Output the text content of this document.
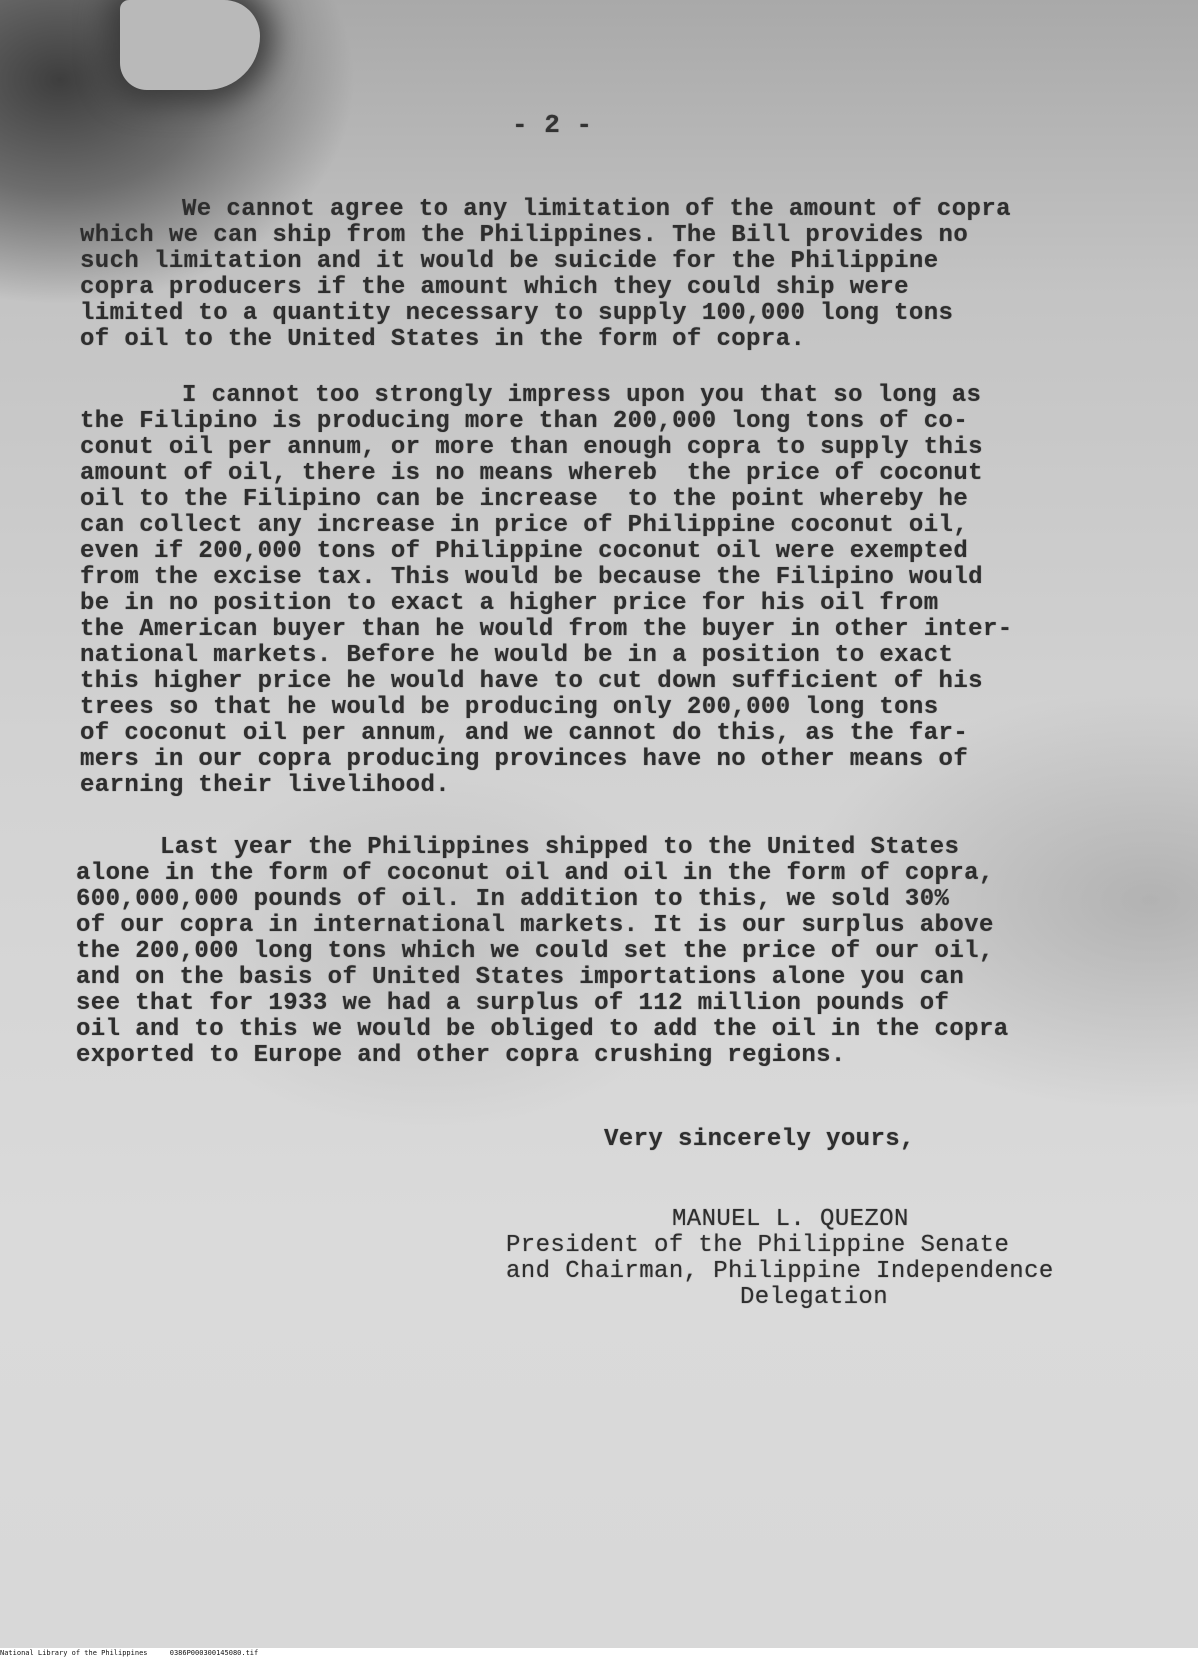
- 2 -
We cannot agree to any limitation of the amount of copra
which we can ship from the Philippines. The Bill provides no
such limitation and it would be suicide for the Philippine
copra producers if the amount which they could ship were
limited to a quantity necessary to supply 100,000 long tons
of oil to the United States in the form of copra.
I cannot too strongly impress upon you that so long as
the Filipino is producing more than 200,000 long tons of co-
conut oil per annum, or more than enough copra to supply this
amount of oil, there is no means whereb  the price of coconut
oil to the Filipino can be increase  to the point whereby he
can collect any increase in price of Philippine coconut oil,
even if 200,000 tons of Philippine coconut oil were exempted
from the excise tax. This would be because the Filipino would
be in no position to exact a higher price for his oil from
the American buyer than he would from the buyer in other inter-
national markets. Before he would be in a position to exact
this higher price he would have to cut down sufficient of his
trees so that he would be producing only 200,000 long tons
of coconut oil per annum, and we cannot do this, as the far-
mers in our copra producing provinces have no other means of
earning their livelihood.
Last year the Philippines shipped to the United States
alone in the form of coconut oil and oil in the form of copra,
600,000,000 pounds of oil. In addition to this, we sold 30%
of our copra in international markets. It is our surplus above
the 200,000 long tons which we could set the price of our oil,
and on the basis of United States importations alone you can
see that for 1933 we had a surplus of 112 million pounds of
oil and to this we would be obliged to add the oil in the copra
exported to Europe and other copra crushing regions.
Very sincerely yours,
MANUEL L. QUEZON
President of the Philippine Senate
and Chairman, Philippine Independence
Delegation
National Library of the Philippines	0386P000300145080.tif
